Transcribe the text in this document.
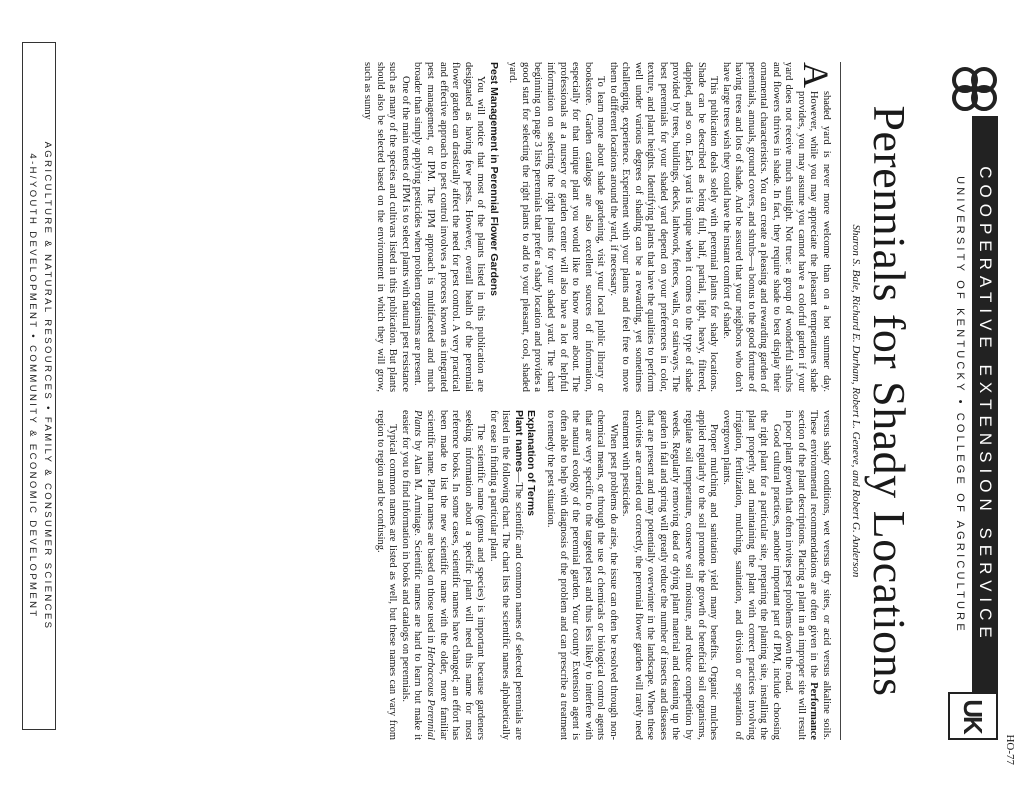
HO-77
COOPERATIVE EXTENSION SERVICE
UNIVERSITY OF KENTUCKY•COLLEGE OF AGRICULTURE
UK
Perennials for Shady Locations
Sharon S. Bale, Richard E. Durham, Robert L. Geneve, and Robert G. Anderson

A
shaded yard is never more welcome than on a hot summer day. However, while you may appreciate the pleasant temperatures shade provides, you may assume you cannot have a colorful garden if your yard does not receive much sunlight. Not true: a group of wonderful shrubs and flowers thrives in shade. In fact, they require shade to best display their ornamental characteristics. You can create a pleasing and rewarding garden of perennials, annuals, ground covers, and shrubs—a bonus to the good fortune of having trees and lots of shade. And be assured that your neighbors who don't have large trees wish they could have the instant comfort of shade.

This publication deals solely with perennial plants for shady locations. Shade can be described as being full, half, partial, light, heavy, filtered, dappled, and so on. Each yard is unique when it comes to the type of shade provided by trees, buildings, decks, lathwork, fences, walls, or stairways. The best perennials for your shaded yard depend on your preferences in color, texture, and plant heights. Identifying plants that have the qualities to perform well under various degrees of shading can be a rewarding, yet sometimes challenging, experience. Experiment with your plants and feel free to move them to different locations around the yard, if necessary.

To learn more about shade gardening, visit your local public library or bookstore. Garden catalogs are also excellent sources of information, especially for that unique plant you would like to know more about. The professionals at a nursery or garden center will also have a lot of helpful information on selecting the right plants for your shaded yard. The chart beginning on page 3 lists perennials that prefer a shady location and provides a good start for selecting the right plants to add to your pleasant, cool, shaded yard.

Pest Management in Perennial Flower Gardens

You will notice that most of the plants listed in this publication are designated as having few pests. However, overall health of the perennial flower garden can drastically affect the need for pest control. A very practical and effective approach to pest control involves a process known as integrated pest management, or IPM. The IPM approach is multifaceted and much broader than simply applying pesticides when problem organisms are present.

One of the main tenets of IPM is to select plants with natural pest resistance such as many of the species and cultivars listed in this publication. But plants should also be selected based on the environment in which they will grow, such as sunny

versus shady conditions, wet versus dry sites, or acid versus alkaline soils. These environmental recommendations are often given in the Performance section of the plant descriptions. Placing a plant in an improper site will result in poor plant growth that often invites pest problems down the road.

Good cultural practices, another important part of IPM, include choosing the right plant for a particular site, preparing the planting site, installing the plant properly, and maintaining the plant with correct practices involving irrigation, fertilization, mulching, sanitation, and division or separation of overgrown plants.

Proper mulching and sanitation yield many benefits. Organic mulches applied regularly to the soil promote the growth of beneficial soil organisms, regulate soil temperature, conserve soil moisture, and reduce competition by weeds. Regularly removing dead or dying plant material and cleaning up the garden in fall and spring will greatly reduce the number of insects and diseases that are present and may potentially overwinter in the landscape. When these activities are carried out correctly, the perennial flower garden will rarely need treatment with pesticides.

When pest problems do arise, the issue can often be resolved through non-chemical means, or through the use of chemicals or biological control agents that are very specific to the targeted pest and thus less likely to interfere with the natural ecology of the perennial garden. Your county Extension agent is often able to help with diagnosis of the problem and can prescribe a treatment to remedy the pest situation.

Explanation of Terms

Plant names—The scientific and common names of selected perennials are listed in the following chart. The chart lists the scientific names alphabetically for ease in finding a particular plant.

The scientific name (genus and species) is important because gardeners seeking information about a specific plant will need this name for most reference books. In some cases, scientific names have changed; an effort has been made to list the new scientific name with the older, more familiar scientific name. Plant names are based on those used in Herbaceous Perennial Plants by Alan M. Armitage. Scientific names are hard to learn but make it easier for you to find information in books and catalogs on perennials.

Typical common names are listed as well, but these names can vary from region to region and be confusing.

AGRICULTURE & NATURAL RESOURCES • FAMILY & CONSUMER SCIENCES
4-H/YOUTH DEVELOPMENT • COMMUNITY & ECONOMIC DEVELOPMENT
